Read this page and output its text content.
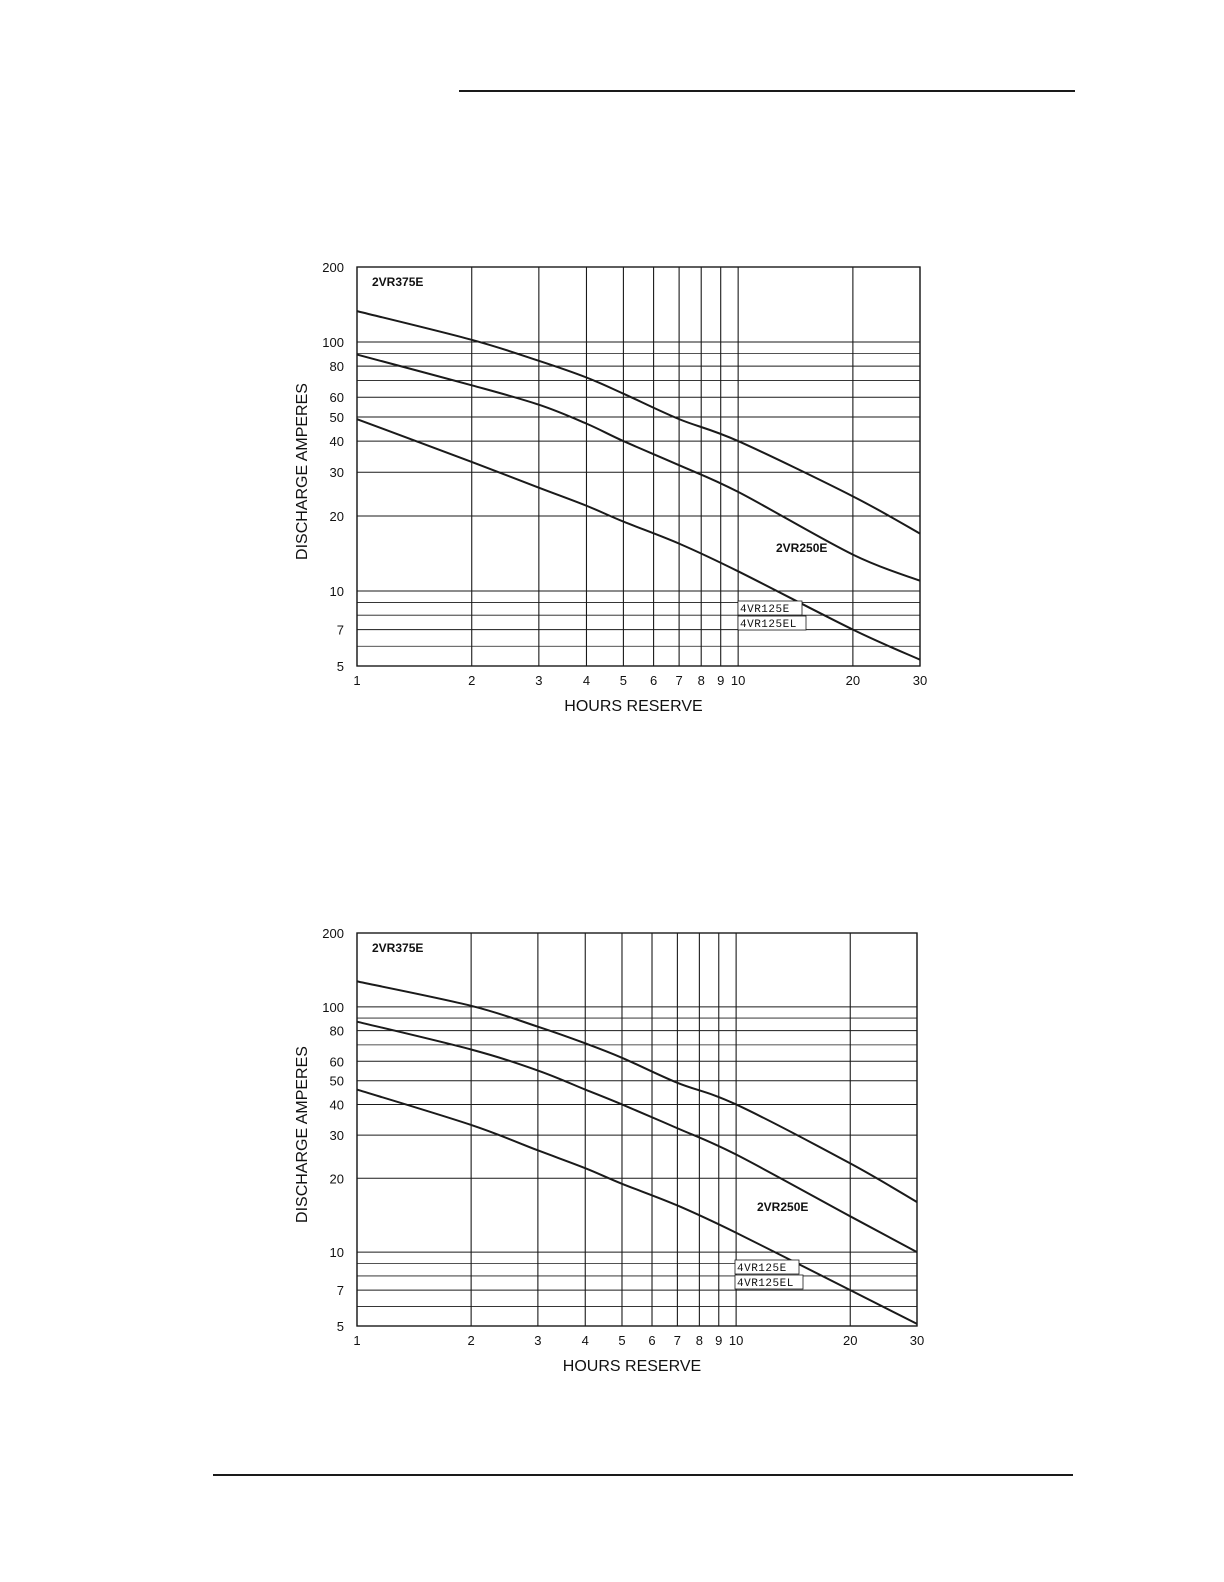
5
7
10
20
30
40
50
60
80
100
200
1	2	3	4 5 6 7 8 9 10	20	30
HOURS RESERVE
DISCHARGE AMPERES
2VR375E
2VR250E
4VR125E
4VR125EL
5
7
10
20
30
40
50
60
80
100
200
1	2	3	4 5 6 7 8 9 10	20	30
HOURS RESERVE
DISCHARGE AMPERES
2VR375E
2VR250E
4VR125E
4VR125EL
